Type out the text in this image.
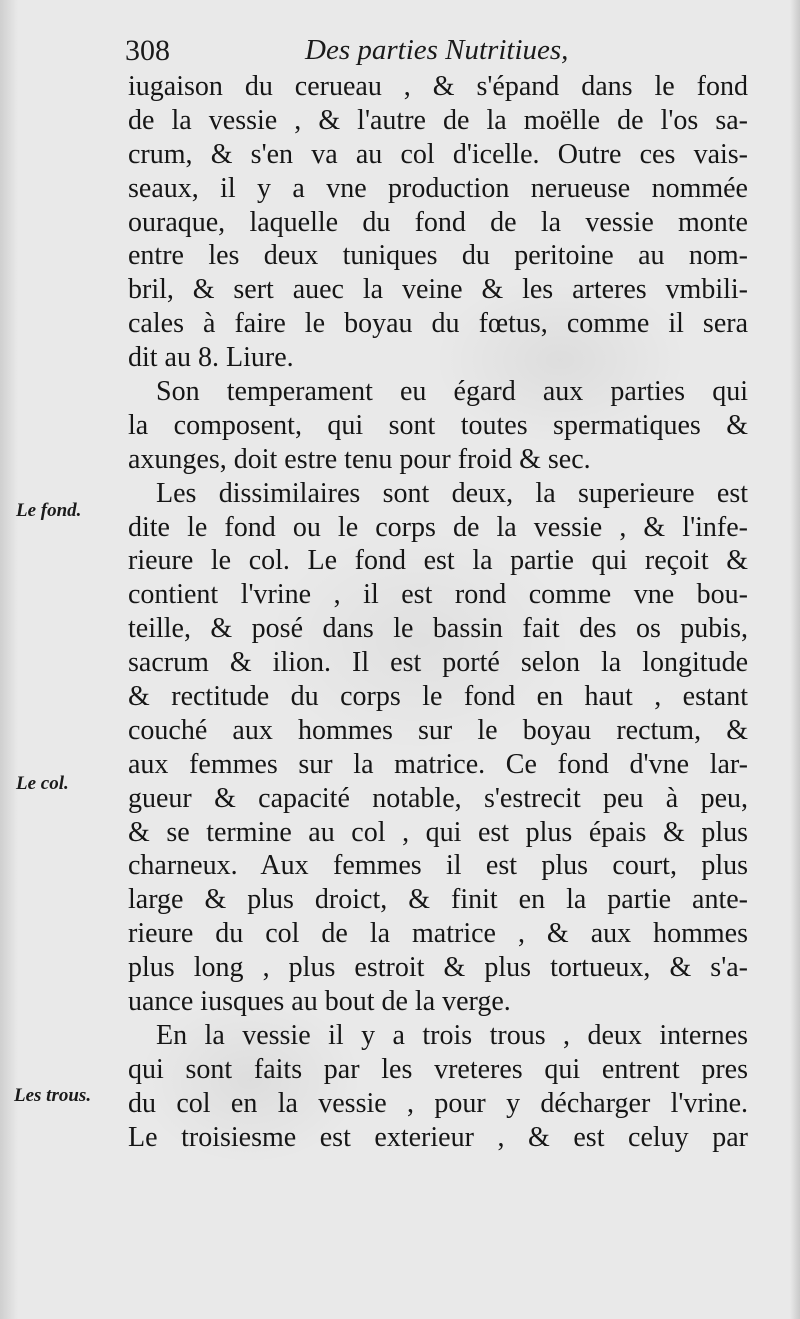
308	Des parties Nutritiues,
Le fond.
Le col.
Les trous.
iugaison du cerueau , & s'épand dans le fond
de la vessie , & l'autre de la moëlle de l'os sa-
crum, & s'en va au col d'icelle. Outre ces vais-
seaux, il y a vne production nerueuse nommée
ouraque, laquelle du fond de la vessie monte
entre les deux tuniques du peritoine au nom-
bril, & sert auec la veine & les arteres vmbili-
cales à faire le boyau du fœtus, comme il sera
dit au 8. Liure.
Son temperament eu égard aux parties qui
la composent, qui sont toutes spermatiques &
axunges, doit estre tenu pour froid & sec.
Les dissimilaires sont deux, la superieure est
dite le fond ou le corps de la vessie , & l'infe-
rieure le col. Le fond est la partie qui reçoit &
contient l'vrine , il est rond comme vne bou-
teille, & posé dans le bassin fait des os pubis,
sacrum & ilion. Il est porté selon la longitude
& rectitude du corps le fond en haut , estant
couché aux hommes sur le boyau rectum, &
aux femmes sur la matrice. Ce fond d'vne lar-
gueur & capacité notable, s'estrecit peu à peu,
& se termine au col , qui est plus épais & plus
charneux. Aux femmes il est plus court, plus
large & plus droict, & finit en la partie ante-
rieure du col de la matrice , & aux hommes
plus long , plus estroit & plus tortueux, & s'a-
uance iusques au bout de la verge.
En la vessie il y a trois trous , deux internes
qui sont faits par les vreteres qui entrent pres
du col en la vessie , pour y décharger l'vrine.
Le troisiesme est exterieur , & est celuy par
